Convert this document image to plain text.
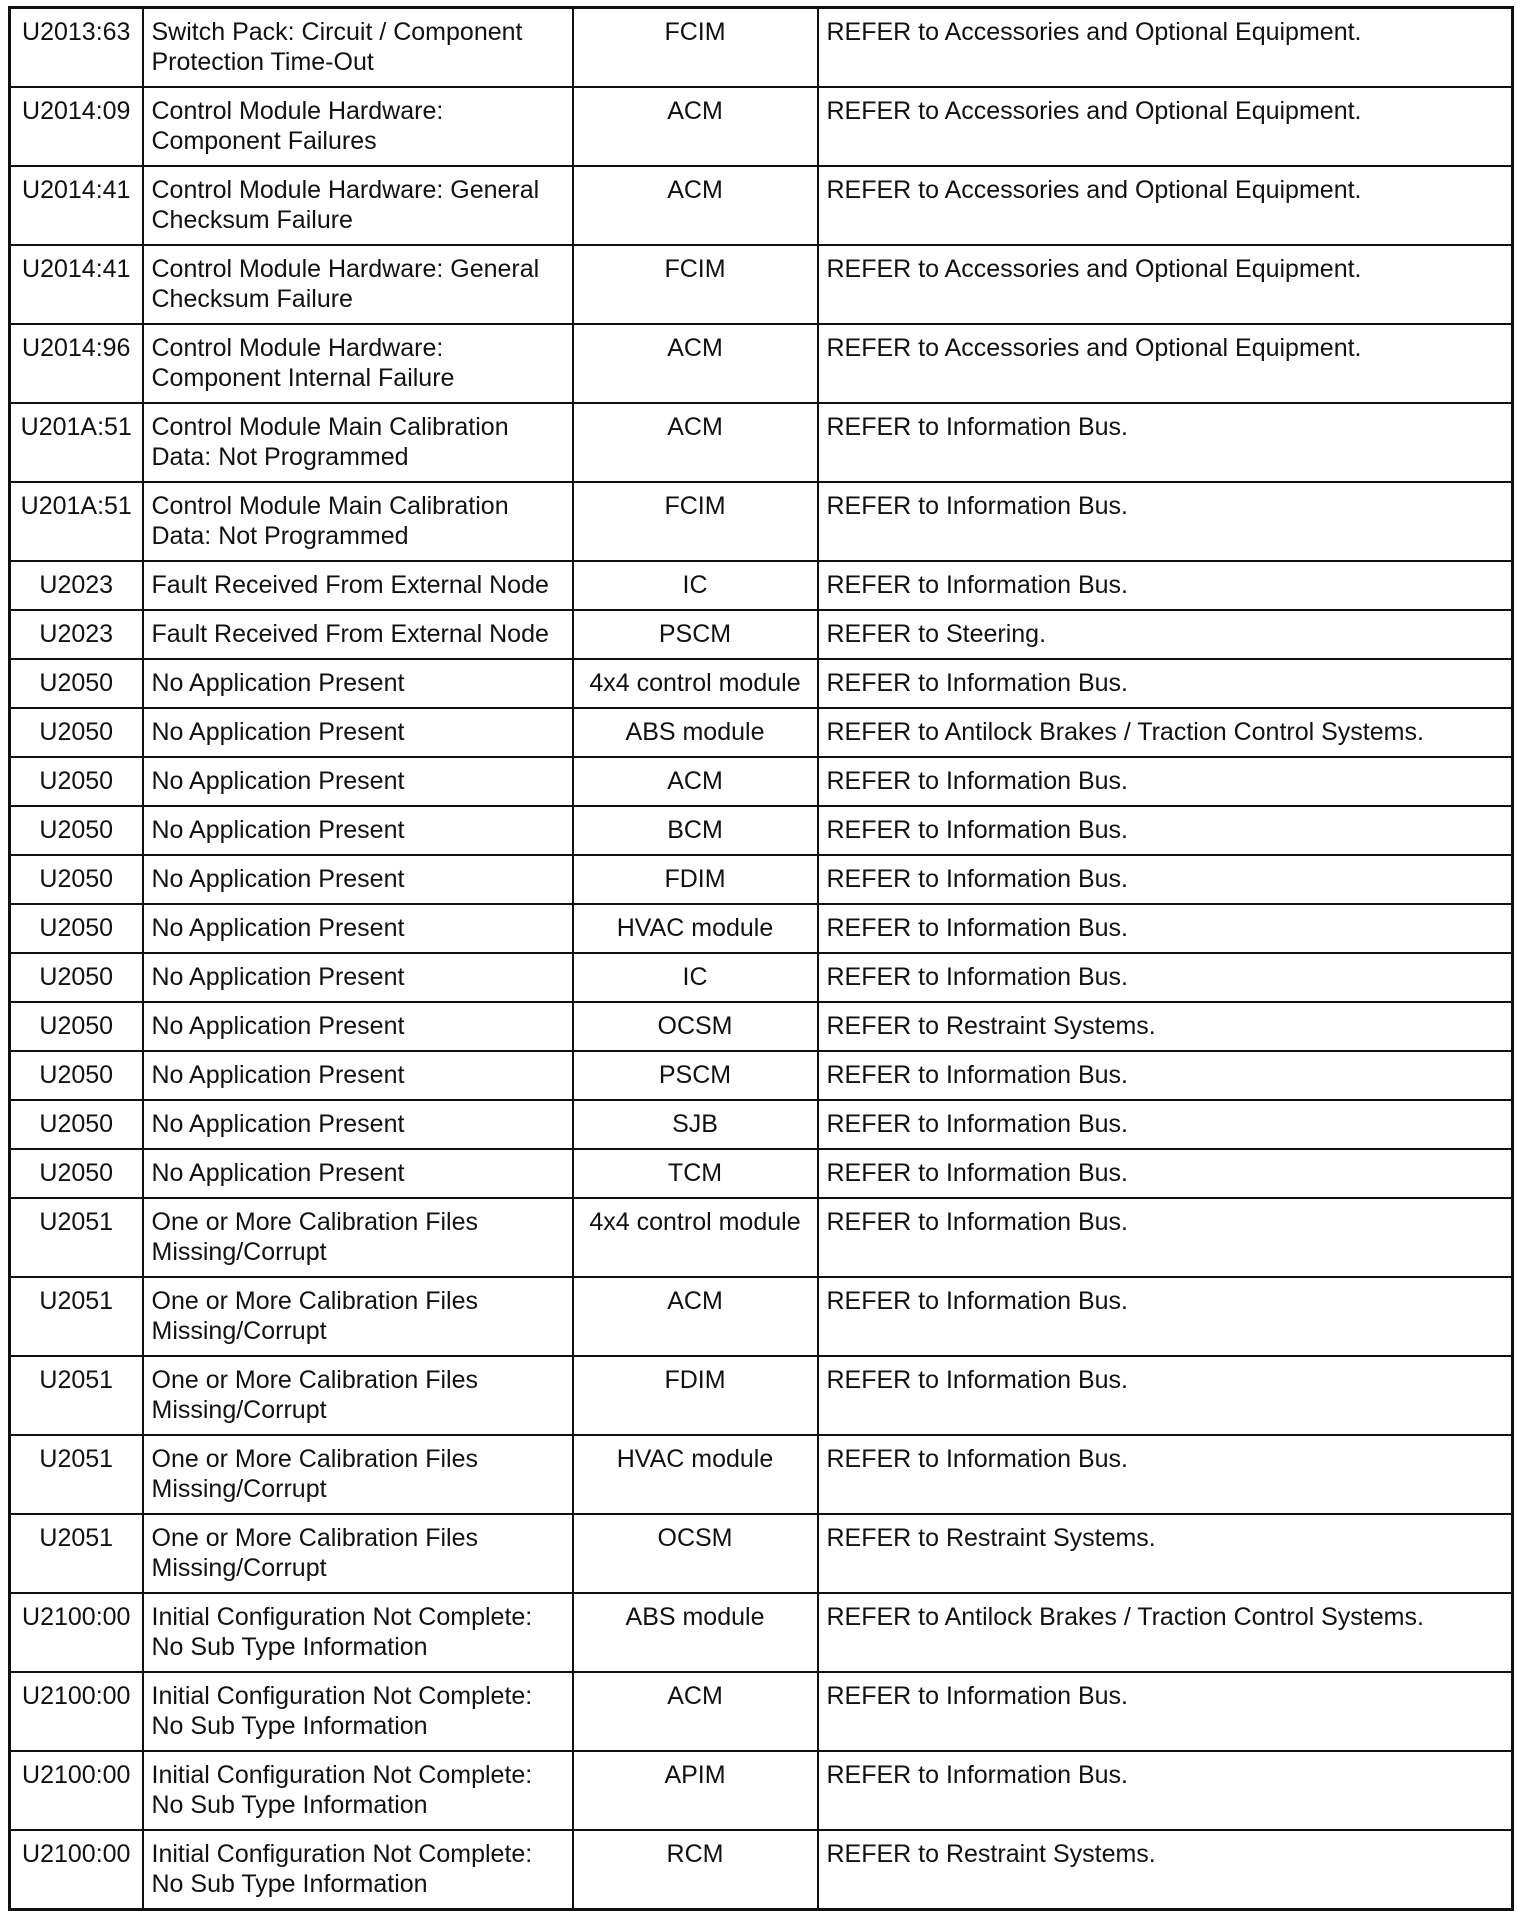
U2013:63	Switch Pack: Circuit / Component Protection Time-Out	FCIM	REFER to Accessories and Optional Equipment.
U2014:09	Control Module Hardware: Component Failures	ACM	REFER to Accessories and Optional Equipment.
U2014:41	Control Module Hardware: General Checksum Failure	ACM	REFER to Accessories and Optional Equipment.
U2014:41	Control Module Hardware: General Checksum Failure	FCIM	REFER to Accessories and Optional Equipment.
U2014:96	Control Module Hardware: Component Internal Failure	ACM	REFER to Accessories and Optional Equipment.
U201A:51	Control Module Main Calibration Data: Not Programmed	ACM	REFER to Information Bus.
U201A:51	Control Module Main Calibration Data: Not Programmed	FCIM	REFER to Information Bus.
U2023	Fault Received From External Node	IC	REFER to Information Bus.
U2023	Fault Received From External Node	PSCM	REFER to Steering.
U2050	No Application Present	4x4 control module	REFER to Information Bus.
U2050	No Application Present	ABS module	REFER to Antilock Brakes / Traction Control Systems.
U2050	No Application Present	ACM	REFER to Information Bus.
U2050	No Application Present	BCM	REFER to Information Bus.
U2050	No Application Present	FDIM	REFER to Information Bus.
U2050	No Application Present	HVAC module	REFER to Information Bus.
U2050	No Application Present	IC	REFER to Information Bus.
U2050	No Application Present	OCSM	REFER to Restraint Systems.
U2050	No Application Present	PSCM	REFER to Information Bus.
U2050	No Application Present	SJB	REFER to Information Bus.
U2050	No Application Present	TCM	REFER to Information Bus.
U2051	One or More Calibration Files Missing/Corrupt	4x4 control module	REFER to Information Bus.
U2051	One or More Calibration Files Missing/Corrupt	ACM	REFER to Information Bus.
U2051	One or More Calibration Files Missing/Corrupt	FDIM	REFER to Information Bus.
U2051	One or More Calibration Files Missing/Corrupt	HVAC module	REFER to Information Bus.
U2051	One or More Calibration Files Missing/Corrupt	OCSM	REFER to Restraint Systems.
U2100:00	Initial Configuration Not Complete: No Sub Type Information	ABS module	REFER to Antilock Brakes / Traction Control Systems.
U2100:00	Initial Configuration Not Complete: No Sub Type Information	ACM	REFER to Information Bus.
U2100:00	Initial Configuration Not Complete: No Sub Type Information	APIM	REFER to Information Bus.
U2100:00	Initial Configuration Not Complete: No Sub Type Information	RCM	REFER to Restraint Systems.
